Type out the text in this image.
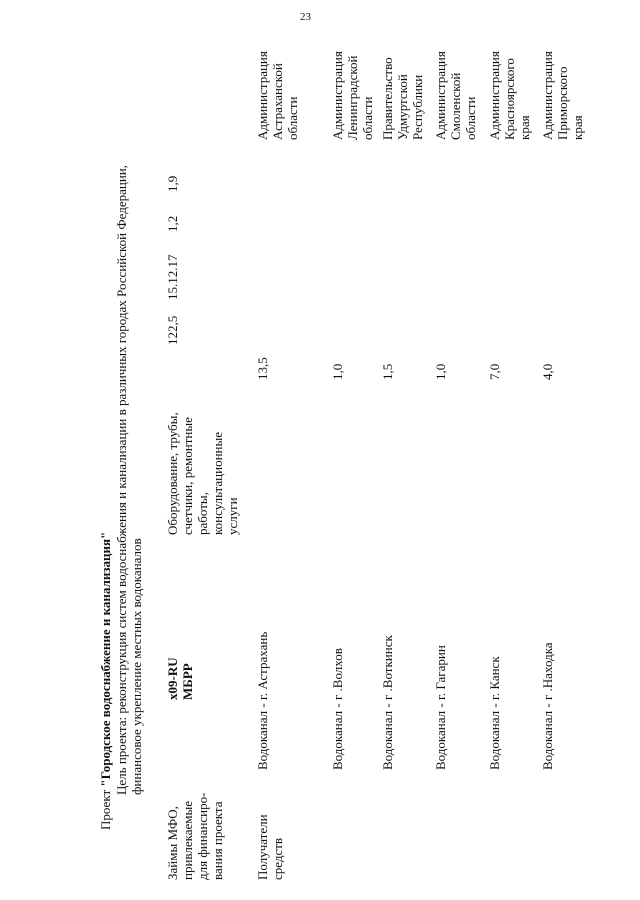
23
Проект "Городское водоснабжение и канализация" Цель проекта: реконструкция систем водоснабжения и канализации в различных городах Российской Федерации, финансовое укрепление местных водоканалов
Займы МФО, привлекаемые для финансиро- вания проекта
х09-RU МБРР
Оборудование, трубы, счетчики, ремонтные работы, консультационные услуги
122,5
15.12.17
1,2
1,9
Получатели средств
Водоканал - г. Астрахань
13,5
Администрация Астраханской области
Водоканал - г .Волхов
1,0
Администрация Ленинградской области
Водоканал - г .Воткинск
1,5
Правительство Удмуртской Республики
Водоканал - г. Гагарин
1,0
Администрация Смоленской области
Водоканал - г. Канск
7,0
Администрация Красноярского края
Водоканал - г .Находка
4,0
Администрация Приморского края
